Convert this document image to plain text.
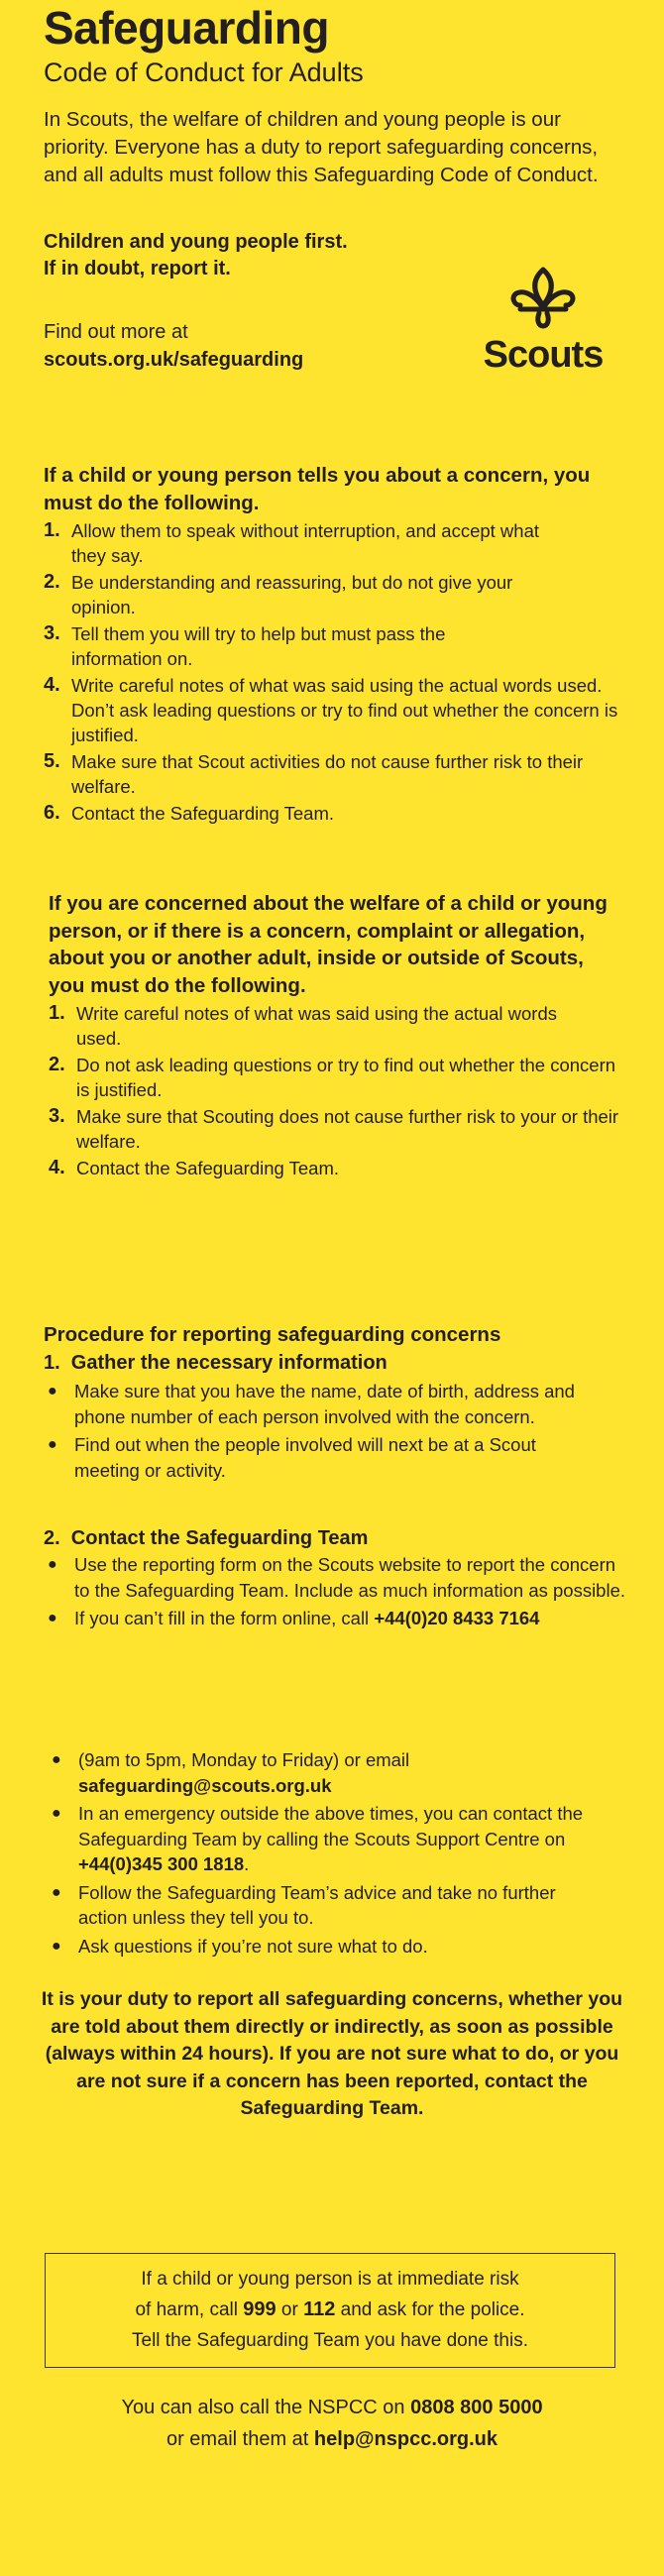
Safeguarding
Code of Conduct for Adults
In Scouts, the welfare of children and young people is our priority. Everyone has a duty to report safeguarding concerns, and all adults must follow this Safeguarding Code of Conduct.
Children and young people first.
If in doubt, report it.
Find out more at
scouts.org.uk/safeguarding	Scouts
If a child or young person tells you about a concern, you must do the following.
1. Allow them to speak without interruption, and accept what they say.
2. Be understanding and reassuring, but do not give your opinion.
3. Tell them you will try to help but must pass the information on.
4. Write careful notes of what was said using the actual words used. Don’t ask leading questions or try to find out whether the concern is justified.
5. Make sure that Scout activities do not cause further risk to their welfare.
6. Contact the Safeguarding Team.
If you are concerned about the welfare of a child or young person, or if there is a concern, complaint or allegation, about you or another adult, inside or outside of Scouts, you must do the following.
1. Write careful notes of what was said using the actual words used.
2. Do not ask leading questions or try to find out whether the concern is justified.
3. Make sure that Scouting does not cause further risk to your or their welfare.
4. Contact the Safeguarding Team.
Procedure for reporting safeguarding concerns
1.  Gather the necessary information
● Make sure that you have the name, date of birth, address and phone number of each person involved with the concern.
● Find out when the people involved will next be at a Scout meeting or activity.
2.  Contact the Safeguarding Team
● Use the reporting form on the Scouts website to report the concern to the Safeguarding Team. Include as much information as possible.
● If you can’t fill in the form online, call +44(0)20 8433 7164
● (9am to 5pm, Monday to Friday) or email
safeguarding@scouts.org.uk
● In an emergency outside the above times, you can contact the Safeguarding Team by calling the Scouts Support Centre on +44(0)345 300 1818.
● Follow the Safeguarding Team’s advice and take no further action unless they tell you to.
● Ask questions if you’re not sure what to do.
It is your duty to report all safeguarding concerns, whether you are told about them directly or indirectly, as soon as possible (always within 24 hours). If you are not sure what to do, or you are not sure if a concern has been reported, contact the Safeguarding Team.
If a child or young person is at immediate risk
of harm, call 999 or 112 and ask for the police.
Tell the Safeguarding Team you have done this.
You can also call the NSPCC on 0808 800 5000
or email them at help@nspcc.org.uk
